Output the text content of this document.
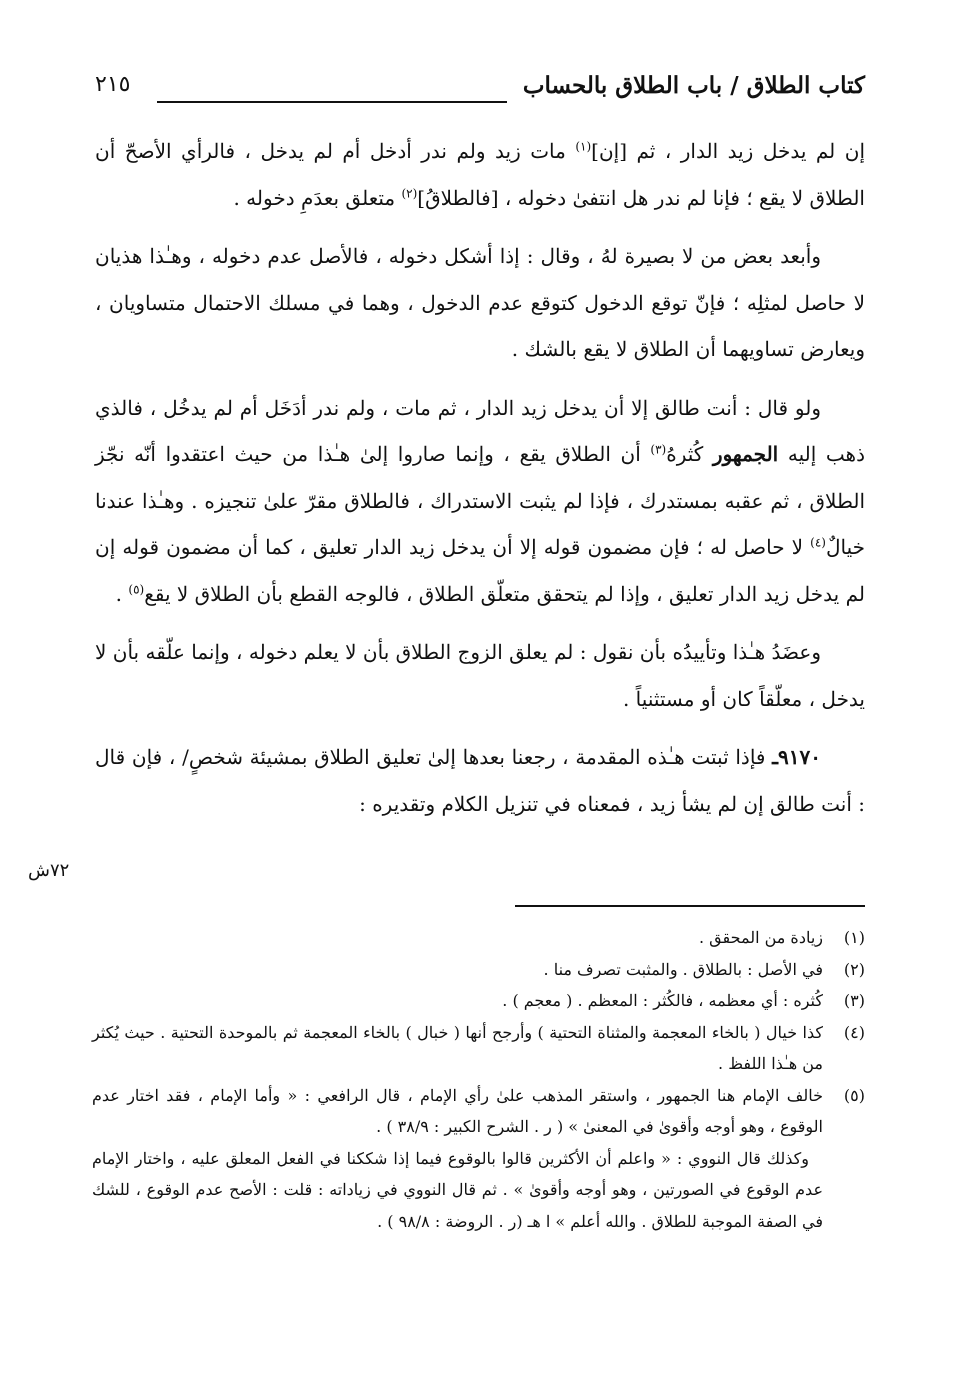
كتاب الطلاق / باب الطلاق بالحساب
٢١٥

إن لم يدخل زيد الدار ، ثم [إن]$^{(١)}$ مات زيد ولم ندر أدخل أم لم يدخل ، فالرأي الأصحّ أن الطلاق لا يقع ؛ فإنا لم ندر هل انتفىٰ دخوله ، [فالطلاقُ]$^{(٢)}$ متعلق بعدَمِ دخوله .

وأبعد بعض من لا بصيرة لهُ ، وقال : إذا أشكل دخوله ، فالأصل عدم دخوله ، وهـٰذا هذيان لا حاصل لمثلِه ؛ فإنّ توقع الدخول كتوقع عدم الدخول ، وهما في مسلك الاحتمال متساويان ، ويعارض تساويهما أن الطلاق لا يقع بالشك .

ولو قال : أنت طالق إلا أن يدخل زيد الدار ، ثم مات ، ولم ندر أدَخَل أم لم يدخُل ، فالذي ذهب إليه الجمهور كُثرهُ$^{(٣)}$ أن الطلاق يقع ، وإنما صاروا إلىٰ هـٰذا من حيث اعتقدوا أنّه نجّز الطلاق ، ثم عقبه بمستدرك ، فإذا لم يثبت الاستدراك ، فالطلاق مقرّ علىٰ تنجيزه . وهـٰذا عندنا خيالٌ$^{(٤)}$ لا حاصل له ؛ فإن مضمون قوله إلا أن يدخل زيد الدار تعليق ، كما أن مضمون قوله إن لم يدخل زيد الدار تعليق ، وإذا لم يتحقق متعلّق الطلاق ، فالوجه القطع بأن الطلاق لا يقع$^{(٥)}$ .

وعضَدُ هـٰذا وتأييدُه بأن نقول : لم يعلق الزوج الطلاق بأن لا يعلم دخوله ، وإنما علّقه بأن لا يدخل ، معلّقاً كان أو مستثنياً .

٩١٧٠ـ فإذا ثبتت هـٰذه المقدمة ، رجعنا بعدها إلىٰ تعليق الطلاق بمشيئة شخصٍ/ ، فإن قال : أنت طالق إن لم يشأ زيد ، فمعناه في تنزيل الكلام وتقديره :

٧٢ش
(١)
زيادة من المحقق .
(٢)
في الأصل : بالطلاق . والمثبت تصرف منا .
(٣)
كُثره : أي معظمه ، فالكُثر : المعظم . ( معجم ) .
(٤)
كذا خيال ( بالخاء المعجمة والمثناة التحتية ) وأرجح أنها ( خبال ) بالخاء المعجمة ثم بالموحدة التحتية . حيث يُكثر من هـٰذا اللفظ .
(٥)
خالف الإمام هنا الجمهور ، واستقر المذهب علىٰ رأي الإمام ، قال الرافعي : « وأما الإمام ، فقد اختار عدم الوقوع ، وهو أوجه وأقوىٰ في المعنىٰ » ( ر . الشرح الكبير : ٣٨/٩ ) .
وكذلك قال النووي : « واعلم أن الأكثرين قالوا بالوقوع فيما إذا شككنا في الفعل المعلق عليه ، واختار الإمام عدم الوقوع في الصورتين ، وهو أوجه وأقوىٰ » . ثم قال النووي في زياداته : قلت : الأصح عدم الوقوع ، للشك في الصفة الموجبة للطلاق . والله أعلم » ا هـ (ر . الروضة : ٩٨/٨ ) .
